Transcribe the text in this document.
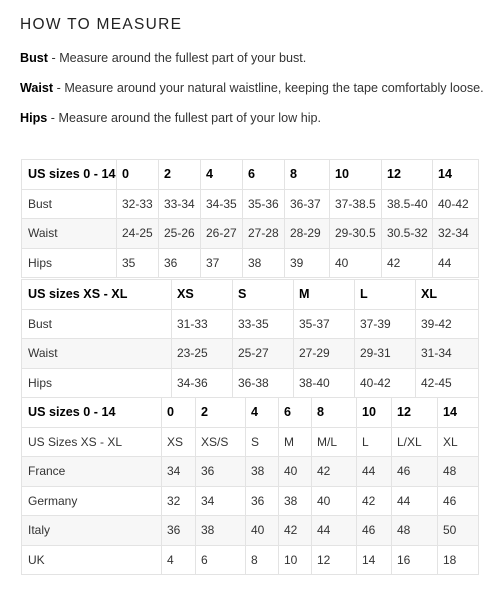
HOW TO MEASURE
Bust - Measure around the fullest part of your bust.
Waist - Measure around your natural waistline, keeping the tape comfortably loose.
Hips - Measure around the fullest part of your low hip.
US sizes 0 - 14	0	2	4	6	8	10	12	14
Bust	32-33	33-34	34-35	35-36	36-37	37-38.5	38.5-40	40-42
Waist	24-25	25-26	26-27	27-28	28-29	29-30.5	30.5-32	32-34
Hips	35	36	37	38	39	40	42	44
US sizes XS - XL	XS	S	M	L	XL
Bust	31-33	33-35	35-37	37-39	39-42
Waist	23-25	25-27	27-29	29-31	31-34
Hips	34-36	36-38	38-40	40-42	42-45
US sizes 0 - 14	0	2	4	6	8	10	12	14
US Sizes XS - XL	XS	XS/S	S	M	M/L	L	L/XL	XL
France	34	36	38	40	42	44	46	48
Germany	32	34	36	38	40	42	44	46
Italy	36	38	40	42	44	46	48	50
UK	4	6	8	10	12	14	16	18
